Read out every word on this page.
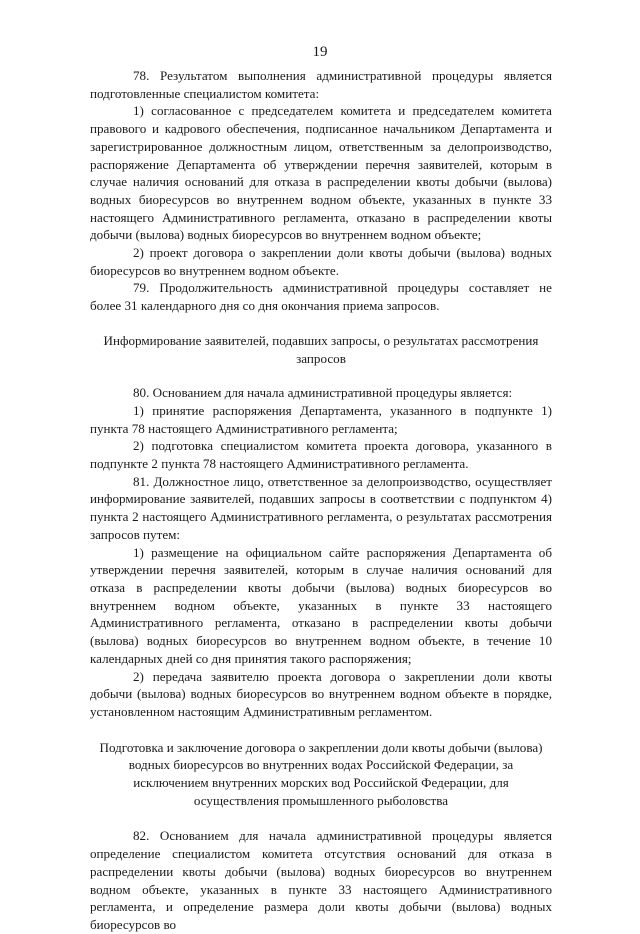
19

78. Результатом выполнения административной процедуры является подготовленные специалистом комитета:

1) согласованное с председателем комитета и председателем комитета правового и кадрового обеспечения, подписанное начальником Департамента и зарегистрированное должностным лицом, ответственным за делопроизводство, распоряжение Департамента об утверждении перечня заявителей, которым в случае наличия оснований для отказа в распределении квоты добычи (вылова) водных биоресурсов во внутреннем водном объекте, указанных в пункте 33 настоящего Административного регламента, отказано в распределении квоты добычи (вылова) водных биоресурсов во внутреннем водном объекте;

2) проект договора о закреплении доли квоты добычи (вылова) водных биоресурсов во внутреннем водном объекте.

79. Продолжительность административной процедуры составляет не более 31 календарного дня со дня окончания приема запросов.

Информирование заявителей, подавших запросы, о результатах рассмотрения запросов

80. Основанием для начала административной процедуры является:

1) принятие распоряжения Департамента, указанного в подпункте 1) пункта 78 настоящего Административного регламента;

2) подготовка специалистом комитета проекта договора, указанного в подпункте 2 пункта 78 настоящего Административного регламента.

81. Должностное лицо, ответственное за делопроизводство, осуществляет информирование заявителей, подавших запросы в соответствии с подпунктом 4) пункта 2 настоящего Административного регламента, о результатах рассмотрения запросов путем:

1) размещение на официальном сайте распоряжения Департамента об утверждении перечня заявителей, которым в случае наличия оснований для отказа в распределении квоты добычи (вылова) водных биоресурсов во внутреннем водном объекте, указанных в пункте 33 настоящего Административного регламента, отказано в распределении квоты добычи (вылова) водных биоресурсов во внутреннем водном объекте, в течение 10 календарных дней со дня принятия такого распоряжения;

2) передача заявителю проекта договора о закреплении доли квоты добычи (вылова) водных биоресурсов во внутреннем водном объекте в порядке, установленном настоящим Административным регламентом.

Подготовка и заключение договора о закреплении доли квоты добычи (вылова) водных биоресурсов во внутренних водах Российской Федерации, за исключением внутренних морских вод Российской Федерации, для осуществления промышленного рыболовства

82. Основанием для начала административной процедуры является определение специалистом комитета отсутствия оснований для отказа в распределении квоты добычи (вылова) водных биоресурсов во внутреннем водном объекте, указанных в пункте 33 настоящего Административного регламента, и определение размера доли квоты добычи (вылова) водных биоресурсов во
